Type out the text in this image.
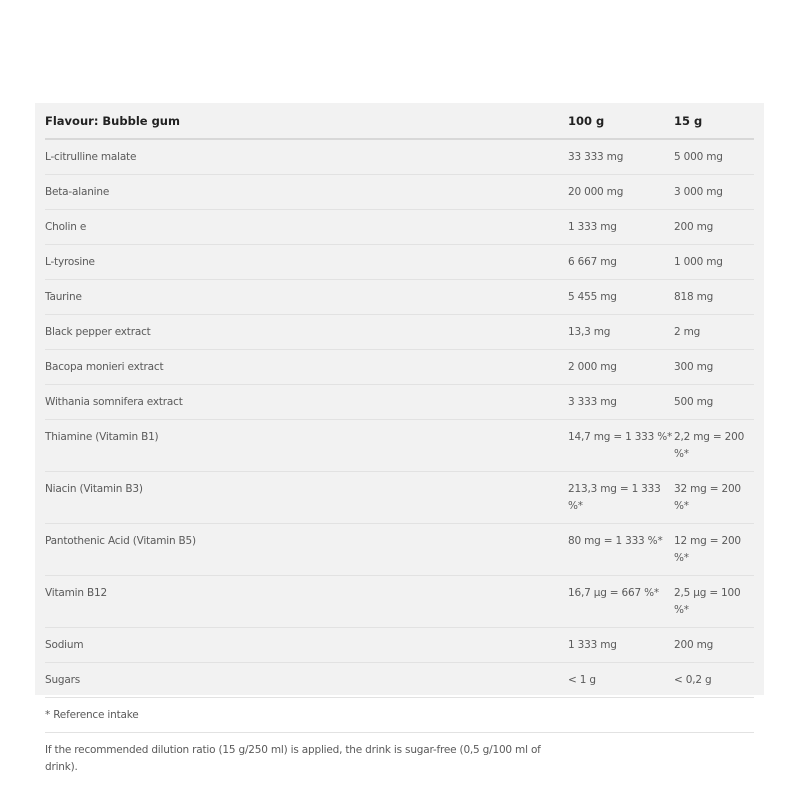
Flavour: Bubble gum	100 g	15 g
L-citrulline malate	33 333 mg	5 000 mg
Beta-alanine	20 000 mg	3 000 mg
Cholin e	1 333 mg	200 mg
L-tyrosine	6 667 mg	1 000 mg
Taurine	5 455 mg	818 mg
Black pepper extract	13,3 mg	2 mg
Bacopa monieri extract	2 000 mg	300 mg
Withania somnifera extract	3 333 mg	500 mg
Thiamine (Vitamin B1)	14,7 mg = 1 333 %*	2,2 mg = 200 %*
Niacin (Vitamin B3)	213,3 mg = 1 333 %*	32 mg = 200 %*
Pantothenic Acid (Vitamin B5)	80 mg = 1 333 %*	12 mg = 200 %*
Vitamin B12	16,7 µg = 667 %*	2,5 µg = 100 %*
Sodium	1 333 mg	200 mg
Sugars	< 1 g	< 0,2 g
* Reference intake		
If the recommended dilution ratio (15 g/250 ml) is applied, the drink is sugar-free (0,5 g/100 ml of drink).		
